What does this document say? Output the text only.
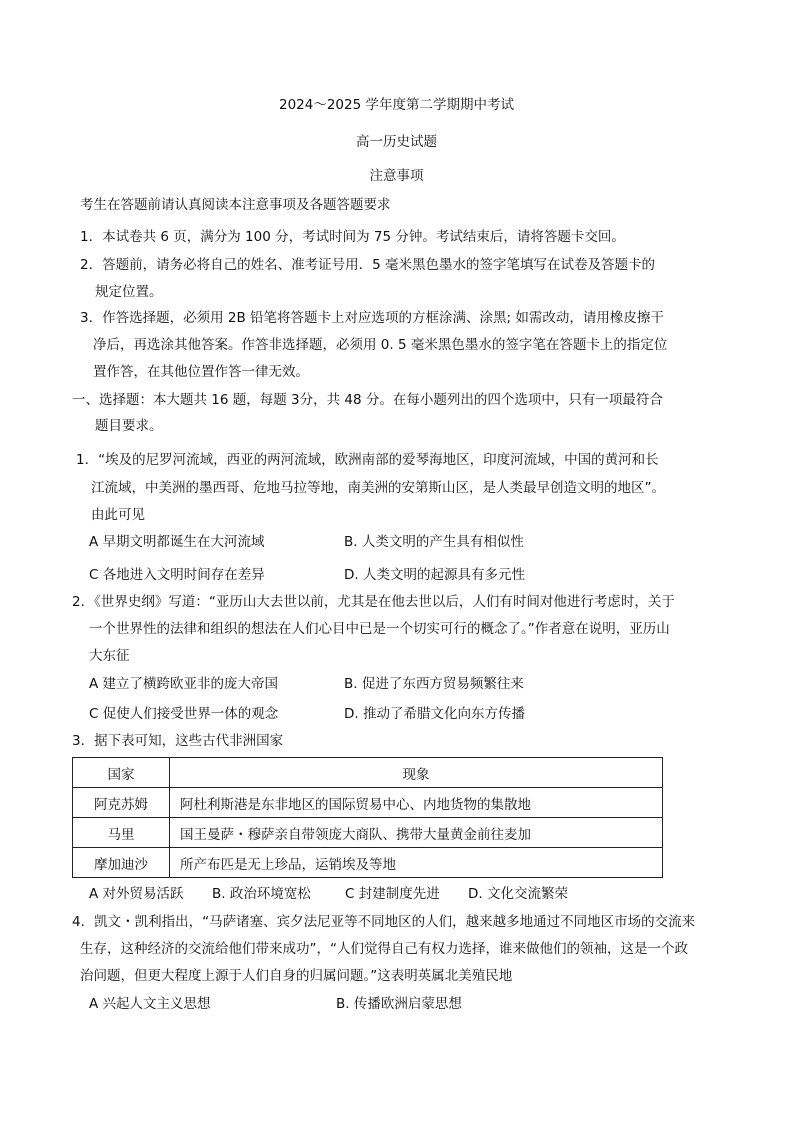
2024～2025 学年度第二学期期中考试
高一历史试题
注意事项
考生在答题前请认真阅读本注意事项及各题答题要求
1．本试卷共 6 页，满分为 100 分，考试时间为 75 分钟。考试结束后，请将答题卡交回。
2．答题前，请务必将自己的姓名、准考证号用．5 毫米黑色墨水的签字笔填写在试卷及答题卡的
规定位置。
3．作答选择题，必须用 2B 铅笔将答题卡上对应选项的方框涂满、涂黑; 如需改动，请用橡皮擦干
净后，再选涂其他答案。作答非选择题，必须用 0. 5 毫米黑色墨水的签字笔在答题卡上的指定位
置作答，在其他位置作答一律无效。
一、选择题：本大题共 16 题，每题 3分，共 48 分。在每小题列出的四个选项中，只有一项最符合
题目要求。
1．“埃及的尼罗河流域，西亚的两河流域，欧洲南部的爱琴海地区，印度河流域，中国的黄河和长
江流域，中美洲的墨西哥、危地马拉等地，南美洲的安第斯山区，是人类最早创造文明的地区”。
由此可见
A 早期文明都诞生在大河流域	B. 人类文明的产生具有相似性
C 各地进入文明时间存在差异	D. 人类文明的起源具有多元性
2．《世界史纲》写道：“亚历山大去世以前，尤其是在他去世以后，人们有时间对他进行考虑时，关于
一个世界性的法律和组织的想法在人们心目中已是一个切实可行的概念了。”作者意在说明，亚历山
大东征
A 建立了横跨欧亚非的庞大帝国	B. 促进了东西方贸易频繁往来
C 促使人们接受世界一体的观念	D. 推动了希腊文化向东方传播
3．据下表可知，这些古代非洲国家
国家	现象
阿克苏姆	阿杜利斯港是东非地区的国际贸易中心、内地货物的集散地
马里	国王曼萨・穆萨亲自带领庞大商队、携带大量黄金前往麦加
摩加迪沙	所产布匹是无上珍品，运销埃及等地
A 对外贸易活跃 B. 政治环境宽松	C 封建制度先进 D. 文化交流繁荣
4．凯文・凯利指出，“马萨诸塞、宾夕法尼亚等不同地区的人们，越来越多地通过不同地区市场的交流来
生存，这种经济的交流给他们带来成功”，“人们觉得自己有权力选择，谁来做他们的领袖，这是一个政
治问题，但更大程度上源于人们自身的归属问题。”这表明英属北美殖民地
A 兴起人文主义思想	B. 传播欧洲启蒙思想
